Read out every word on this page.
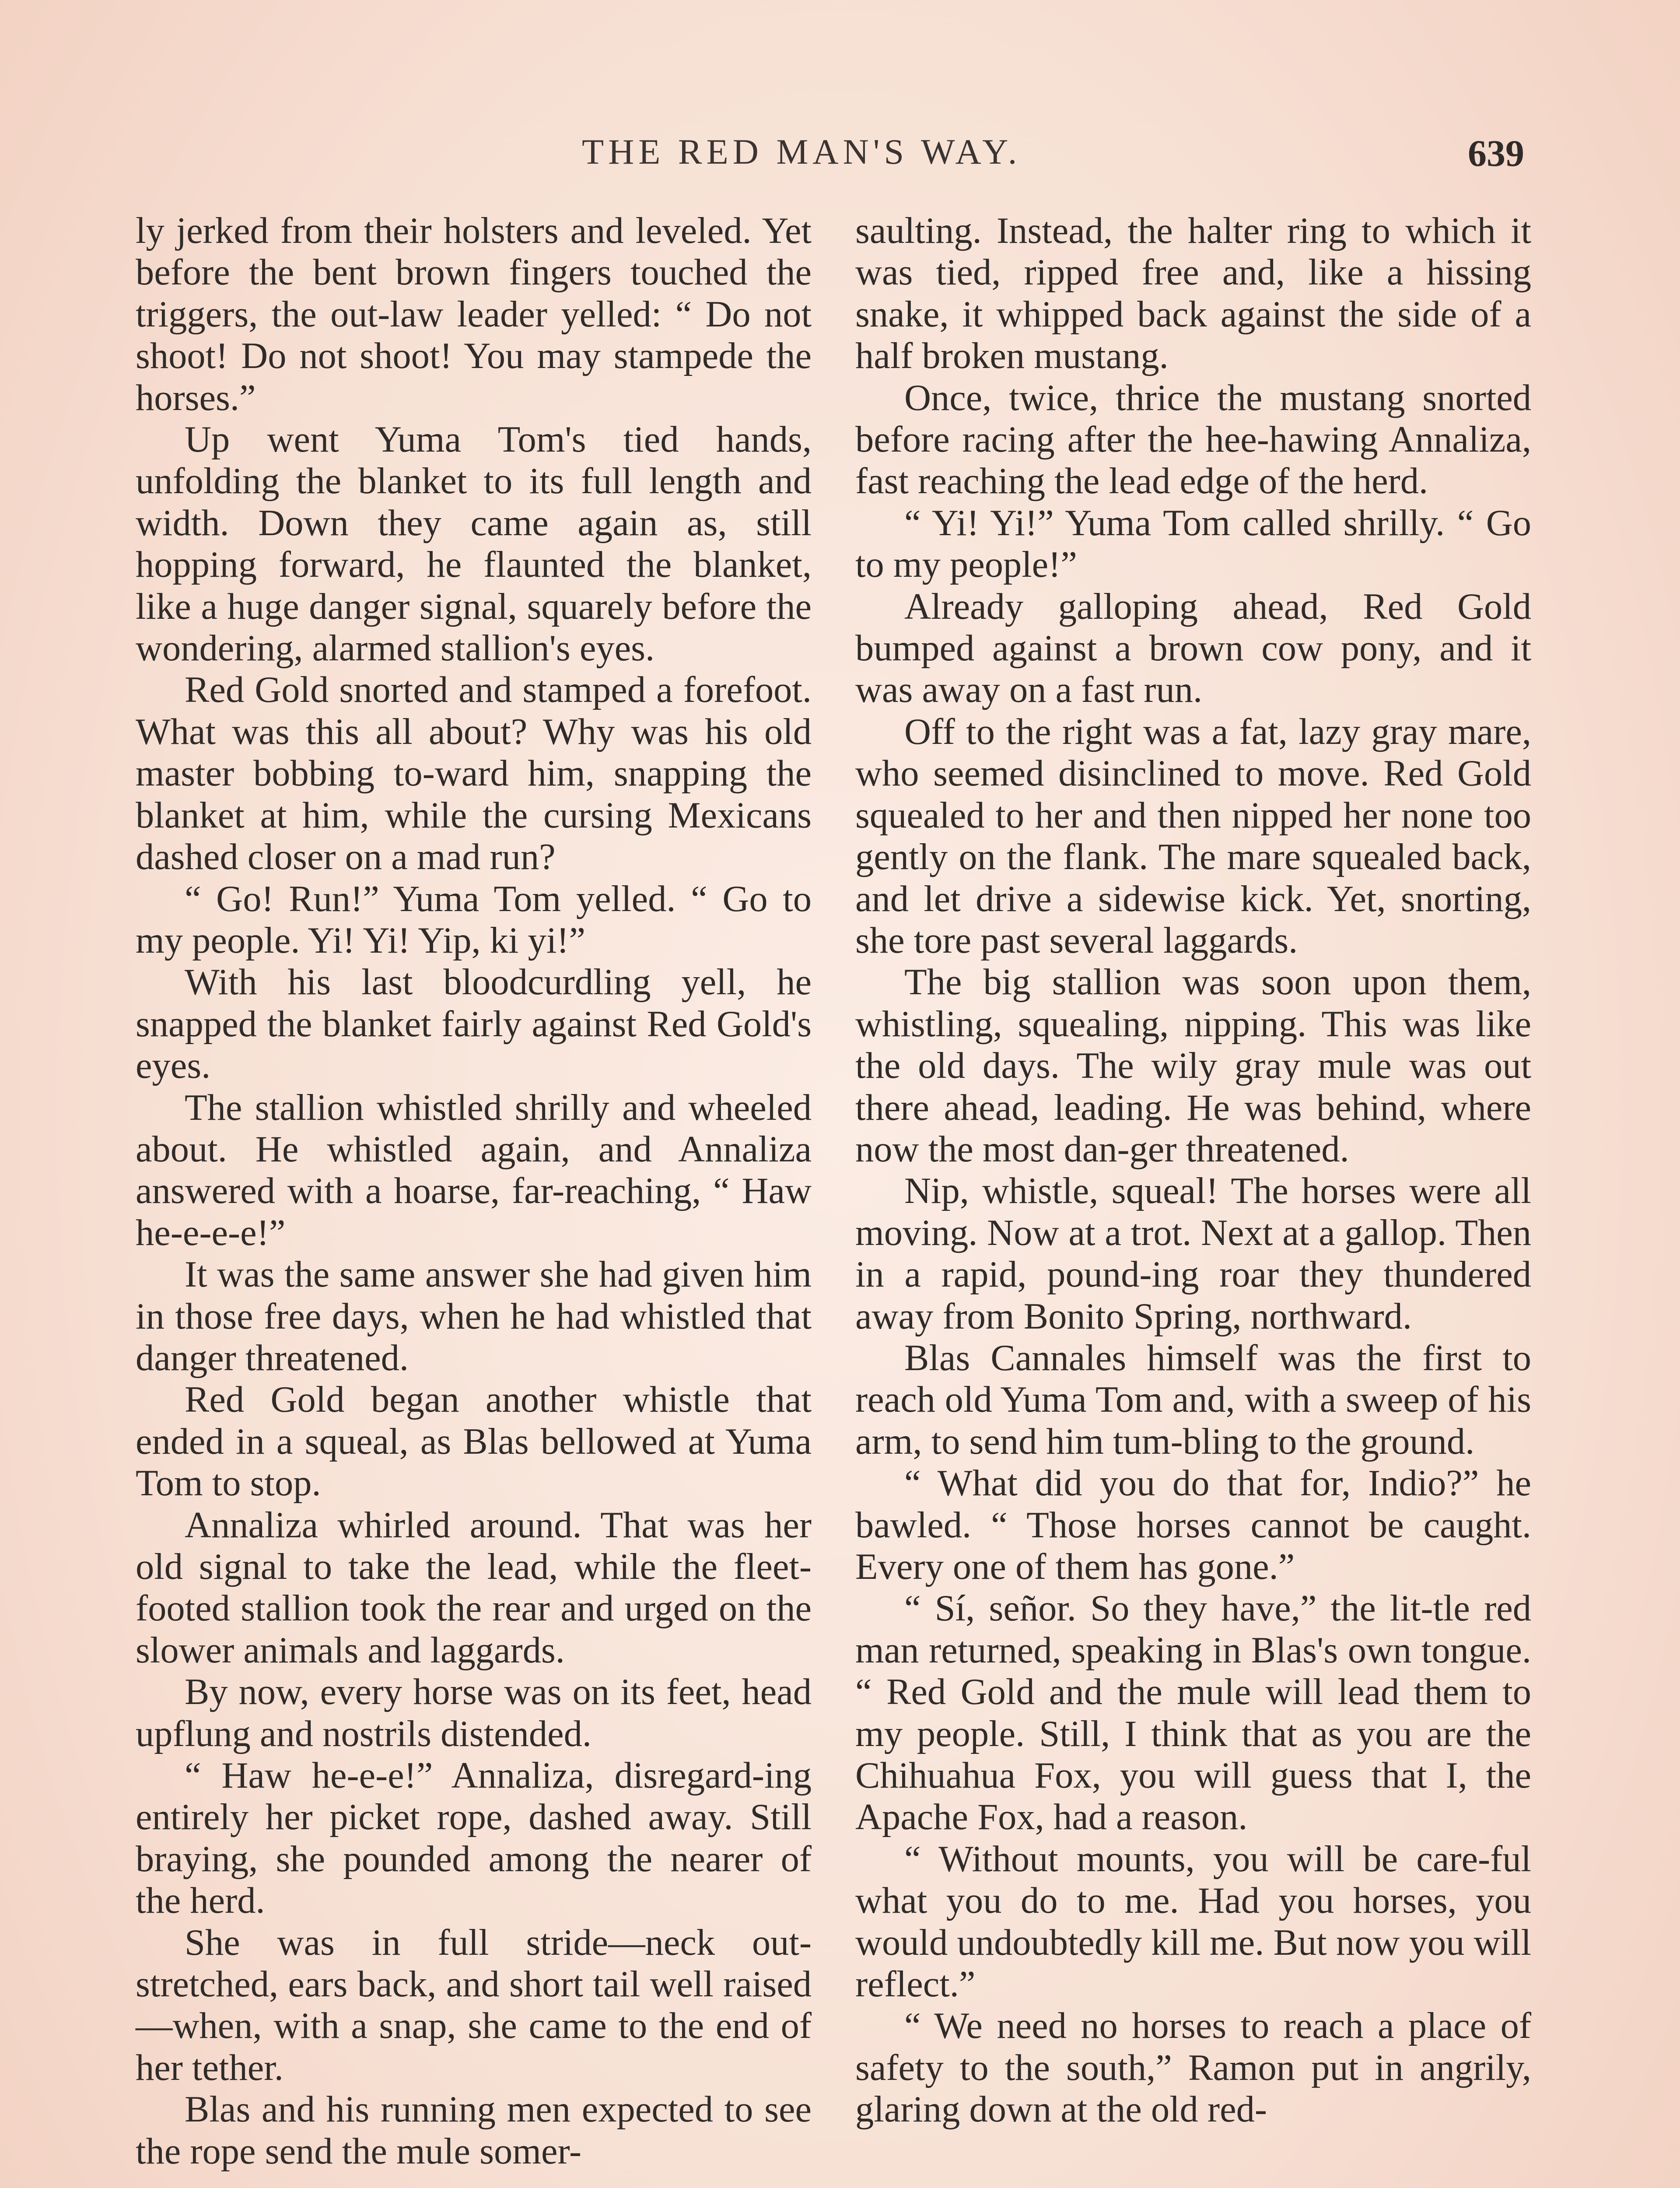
THE RED MAN'S WAY.	639

ly jerked from their holsters and leveled. Yet before the bent brown fingers touched the triggers, the out-law leader yelled: “ Do not shoot! Do not shoot! You may stampede the horses.”

Up went Yuma Tom's tied hands, unfolding the blanket to its full length and width. Down they came again as, still hopping forward, he flaunted the blanket, like a huge danger signal, squarely before the wondering, alarmed stallion's eyes.

Red Gold snorted and stamped a forefoot. What was this all about? Why was his old master bobbing to-ward him, snapping the blanket at him, while the cursing Mexicans dashed closer on a mad run?

“ Go! Run!” Yuma Tom yelled. “ Go to my people. Yi! Yi! Yip, ki yi!”

With his last bloodcurdling yell, he snapped the blanket fairly against Red Gold's eyes.

The stallion whistled shrilly and wheeled about. He whistled again, and Annaliza answered with a hoarse, far-reaching, “ Haw he-e-e-e!”

It was the same answer she had given him in those free days, when he had whistled that danger threatened.

Red Gold began another whistle that ended in a squeal, as Blas bellowed at Yuma Tom to stop.

Annaliza whirled around. That was her old signal to take the lead, while the fleet-footed stallion took the rear and urged on the slower animals and laggards.

By now, every horse was on its feet, head upflung and nostrils distended.

“ Haw he-e-e!” Annaliza, disregard-ing entirely her picket rope, dashed away. Still braying, she pounded among the nearer of the herd.

She was in full stride—neck out-stretched, ears back, and short tail well raised—when, with a snap, she came to the end of her tether.

Blas and his running men expected to see the rope send the mule somer-

saulting. Instead, the halter ring to which it was tied, ripped free and, like a hissing snake, it whipped back against the side of a half broken mustang.

Once, twice, thrice the mustang snorted before racing after the hee-hawing Annaliza, fast reaching the lead edge of the herd.

“ Yi! Yi!” Yuma Tom called shrilly. “ Go to my people!”

Already galloping ahead, Red Gold bumped against a brown cow pony, and it was away on a fast run.

Off to the right was a fat, lazy gray mare, who seemed disinclined to move. Red Gold squealed to her and then nipped her none too gently on the flank. The mare squealed back, and let drive a sidewise kick. Yet, snorting, she tore past several laggards.

The big stallion was soon upon them, whistling, squealing, nipping. This was like the old days. The wily gray mule was out there ahead, leading. He was behind, where now the most dan-ger threatened.

Nip, whistle, squeal! The horses were all moving. Now at a trot. Next at a gallop. Then in a rapid, pound-ing roar they thundered away from Bonito Spring, northward.

Blas Cannales himself was the first to reach old Yuma Tom and, with a sweep of his arm, to send him tum-bling to the ground.

“ What did you do that for, Indio?” he bawled. “ Those horses cannot be caught. Every one of them has gone.”

“ Sí, señor. So they have,” the lit-tle red man returned, speaking in Blas's own tongue. “ Red Gold and the mule will lead them to my people. Still, I think that as you are the Chihuahua Fox, you will guess that I, the Apache Fox, had a reason.

“ Without mounts, you will be care-ful what you do to me. Had you horses, you would undoubtedly kill me. But now you will reflect.”

“ We need no horses to reach a place of safety to the south,” Ramon put in angrily, glaring down at the old red-
